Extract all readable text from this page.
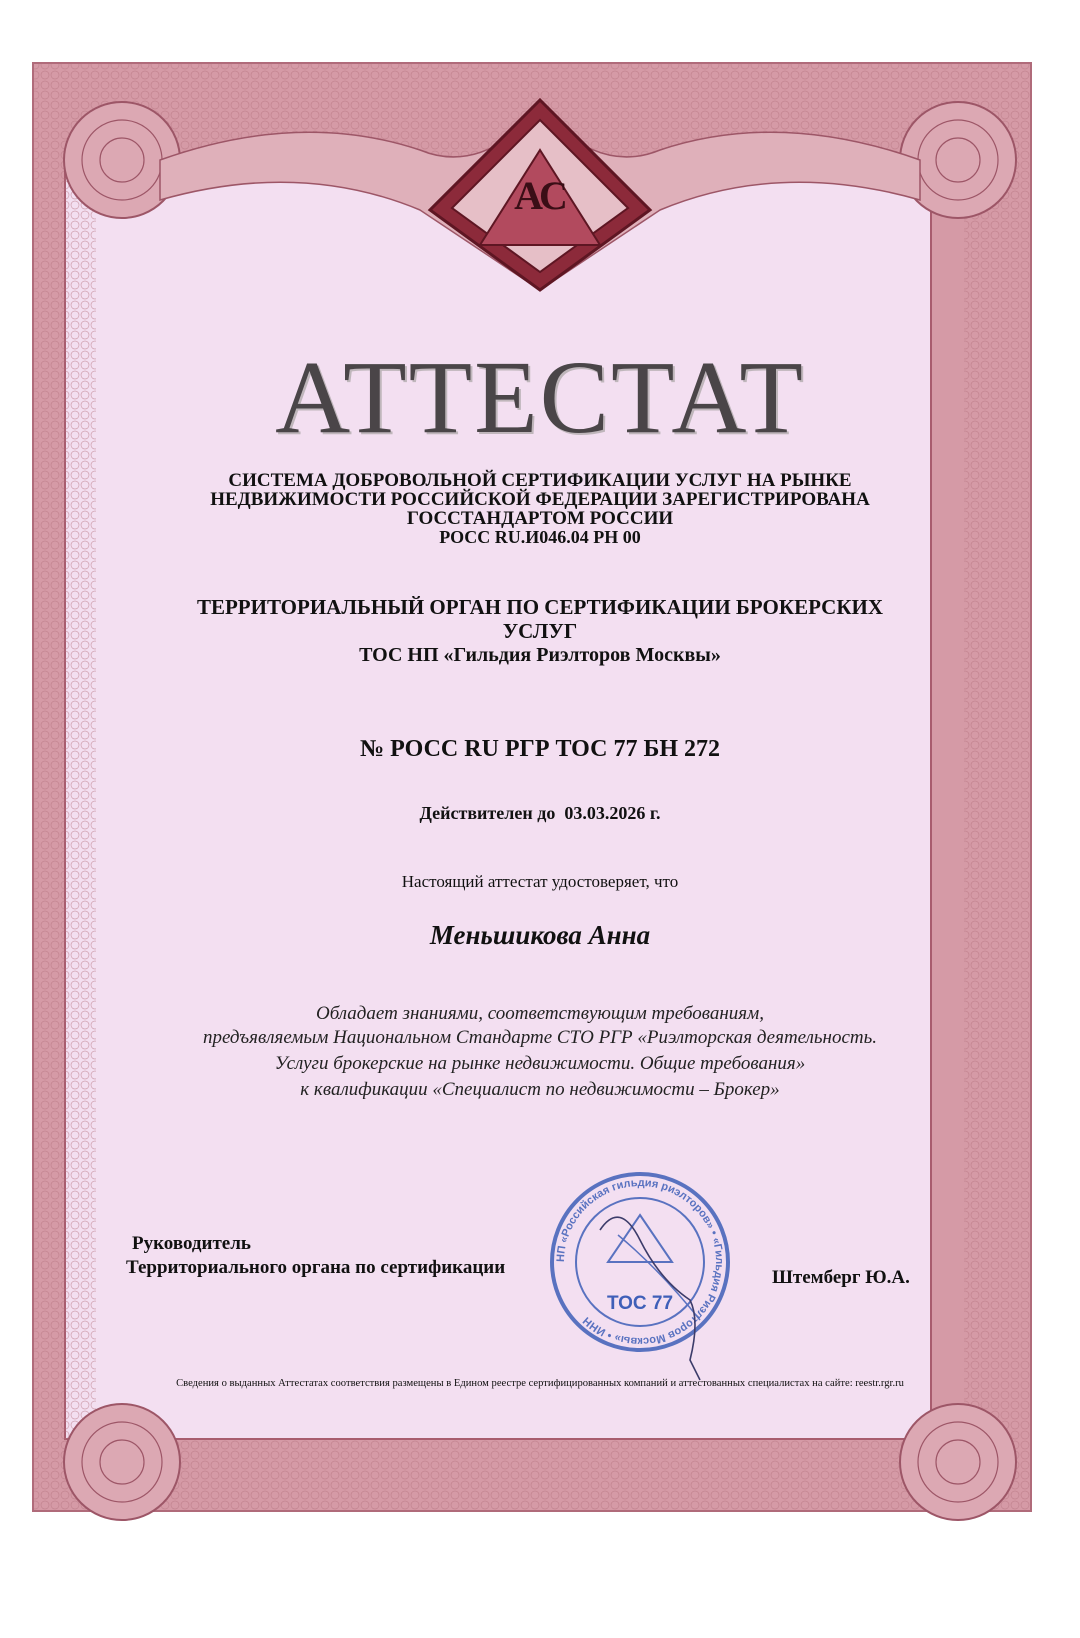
АС
АТТЕСТАТ
СИСТЕМА ДОБРОВОЛЬНОЙ СЕРТИФИКАЦИИ УСЛУГ НА РЫНКЕ
НЕДВИЖИМОСТИ РОССИЙСКОЙ ФЕДЕРАЦИИ ЗАРЕГИСТРИРОВАНА
ГОССТАНДАРТОМ РОССИИ
РОСС RU.И046.04 РН 00
ТЕРРИТОРИАЛЬНЫЙ ОРГАН ПО СЕРТИФИКАЦИИ БРОКЕРСКИХ
УСЛУГ
ТОС НП «Гильдия Риэлторов Москвы»
№ РОСС RU РГР ТОС 77 БН 272
Действителен до  03.03.2026 г.
Настоящий аттестат удостоверяет, что
Меньшикова Анна
Обладает знаниями, соответствующим требованиям,
предъявляемым Национальном Стандарте СТО РГР «Риэлторская деятельность.
Услуги брокерские на рынке недвижимости. Общие требования»
к квалификации «Специалист по недвижимости – Брокер»
НП «Российская гильдия риэлторов» • «Гильдия Риэлторов Москвы» • ИНН
ТОС 77
Руководитель
Территориального органа по сертификации	Штемберг Ю.А.
Сведения о выданных Аттестатах соответствия размещены в Едином реестре сертифицированных компаний и аттестованных специалистах на сайте: reestr.rgr.ru
